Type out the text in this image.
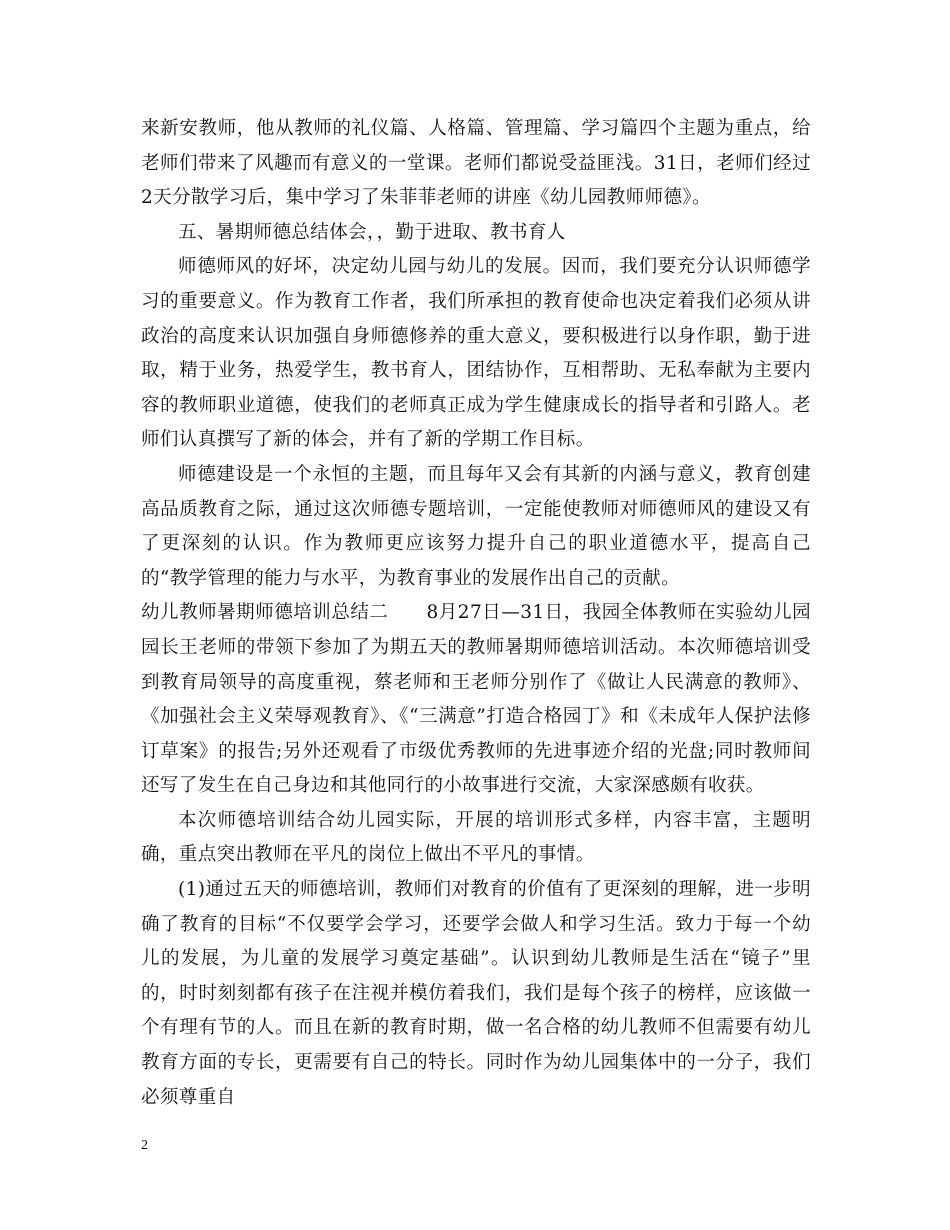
来新安教师，他从教师的礼仪篇、人格篇、管理篇、学习篇四个主题为重点，给老师们带来了风趣而有意义的一堂课。老师们都说受益匪浅。31日，老师们经过2天分散学习后，集中学习了朱菲菲老师的讲座《幼儿园教师师德》。

五、暑期师德总结体会，，勤于进取、教书育人

师德师风的好坏，决定幼儿园与幼儿的发展。因而，我们要充分认识师德学习的重要意义。作为教育工作者，我们所承担的教育使命也决定着我们必须从讲政治的高度来认识加强自身师德修养的重大意义，要积极进行以身作职，勤于进取，精于业务，热爱学生，教书育人，团结协作，互相帮助、无私奉献为主要内容的教师职业道德，使我们的老师真正成为学生健康成长的指导者和引路人。老师们认真撰写了新的体会，并有了新的学期工作目标。

师德建设是一个永恒的主题，而且每年又会有其新的内涵与意义，教育创建高品质教育之际，通过这次师德专题培训，一定能使教师对师德师风的建设又有了更深刻的认识。作为教师更应该努力提升自己的职业道德水平，提高自己的“教学管理的能力与水平，为教育事业的发展作出自己的贡献。

幼儿教师暑期师德培训总结二　　8月27日—31日，我园全体教师在实验幼儿园园长王老师的带领下参加了为期五天的教师暑期师德培训活动。本次师德培训受到教育局领导的高度重视，蔡老师和王老师分别作了《做让人民满意的教师》、《加强社会主义荣辱观教育》、《“三满意”打造合格园丁》和《未成年人保护法修订草案》的报告;另外还观看了市级优秀教师的先进事迹介绍的光盘;同时教师间还写了发生在自己身边和其他同行的小故事进行交流，大家深感颇有收获。

本次师德培训结合幼儿园实际，开展的培训形式多样，内容丰富，主题明确，重点突出教师在平凡的岗位上做出不平凡的事情。

(1)通过五天的师德培训，教师们对教育的价值有了更深刻的理解，进一步明确了教育的目标“不仅要学会学习，还要学会做人和学习生活。致力于每一个幼儿的发展，为儿童的发展学习奠定基础”。认识到幼儿教师是生活在“镜子”里的，时时刻刻都有孩子在注视并模仿着我们，我们是每个孩子的榜样，应该做一个有理有节的人。而且在新的教育时期，做一名合格的幼儿教师不但需要有幼儿教育方面的专长，更需要有自己的特长。同时作为幼儿园集体中的一分子，我们必须尊重自

2
